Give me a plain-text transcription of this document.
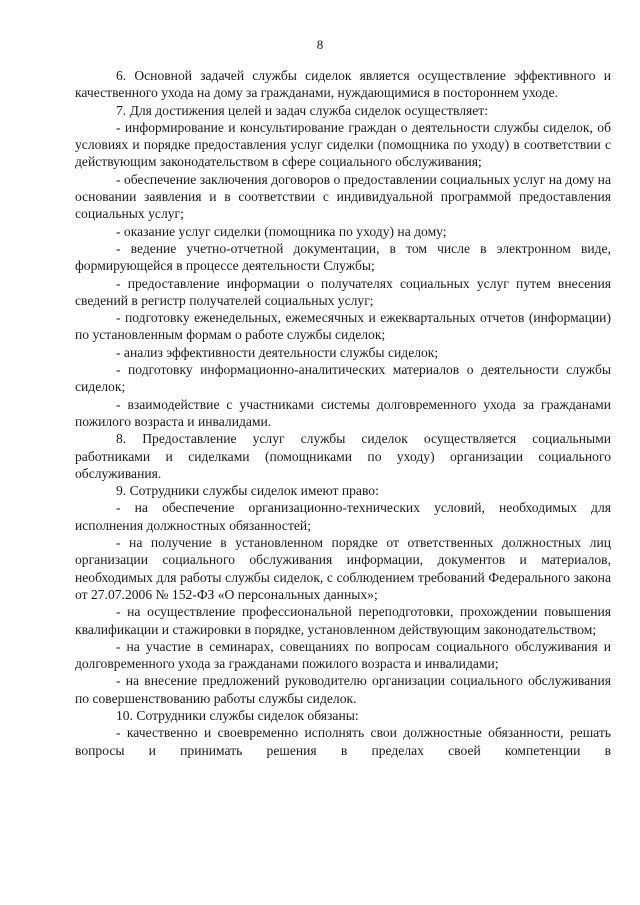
8

6. Основной задачей службы сиделок является осуществление эффективного и качественного ухода на дому за гражданами, нуждающимися в постороннем уходе.

7. Для достижения целей и задач служба сиделок осуществляет:

- информирование и консультирование граждан о деятельности службы сиделок, об условиях и порядке предоставления услуг сиделки (помощника по уходу) в соответствии с действующим законодательством в сфере социального обслуживания;

- обеспечение заключения договоров о предоставлении социальных услуг на дому на основании заявления и в соответствии с индивидуальной программой предоставления социальных услуг;

- оказание услуг сиделки (помощника по уходу) на дому;

- ведение учетно-отчетной документации, в том числе в электронном виде, формирующейся в процессе деятельности Службы;

- предоставление информации о получателях социальных услуг путем внесения сведений в регистр получателей социальных услуг;

- подготовку еженедельных, ежемесячных и ежеквартальных отчетов (информации) по установленным формам о работе службы сиделок;

- анализ эффективности деятельности службы сиделок;

- подготовку информационно-аналитических материалов о деятельности службы сиделок;

- взаимодействие с участниками системы долговременного ухода за гражданами пожилого возраста и инвалидами.

8. Предоставление услуг службы сиделок осуществляется социальными работниками и сиделками (помощниками по уходу) организации социального обслуживания.

9. Сотрудники службы сиделок имеют право:

- на обеспечение организационно-технических условий, необходимых для исполнения должностных обязанностей;

- на получение в установленном порядке от ответственных должностных лиц организации социального обслуживания информации, документов и материалов, необходимых для работы службы сиделок, с соблюдением требований Федерального закона от 27.07.2006 № 152-ФЗ «О персональных данных»;

- на осуществление профессиональной переподготовки, прохождении повышения квалификации и стажировки в порядке, установленном действующим законодательством;

- на участие в семинарах, совещаниях по вопросам социального обслуживания и долговременного ухода за гражданами пожилого возраста и инвалидами;

- на внесение предложений руководителю организации социального обслуживания по совершенствованию работы службы сиделок.

10. Сотрудники службы сиделок обязаны:

- качественно и своевременно исполнять свои должностные обязанности, решать вопросы и принимать решения в пределах своей компетенции в
